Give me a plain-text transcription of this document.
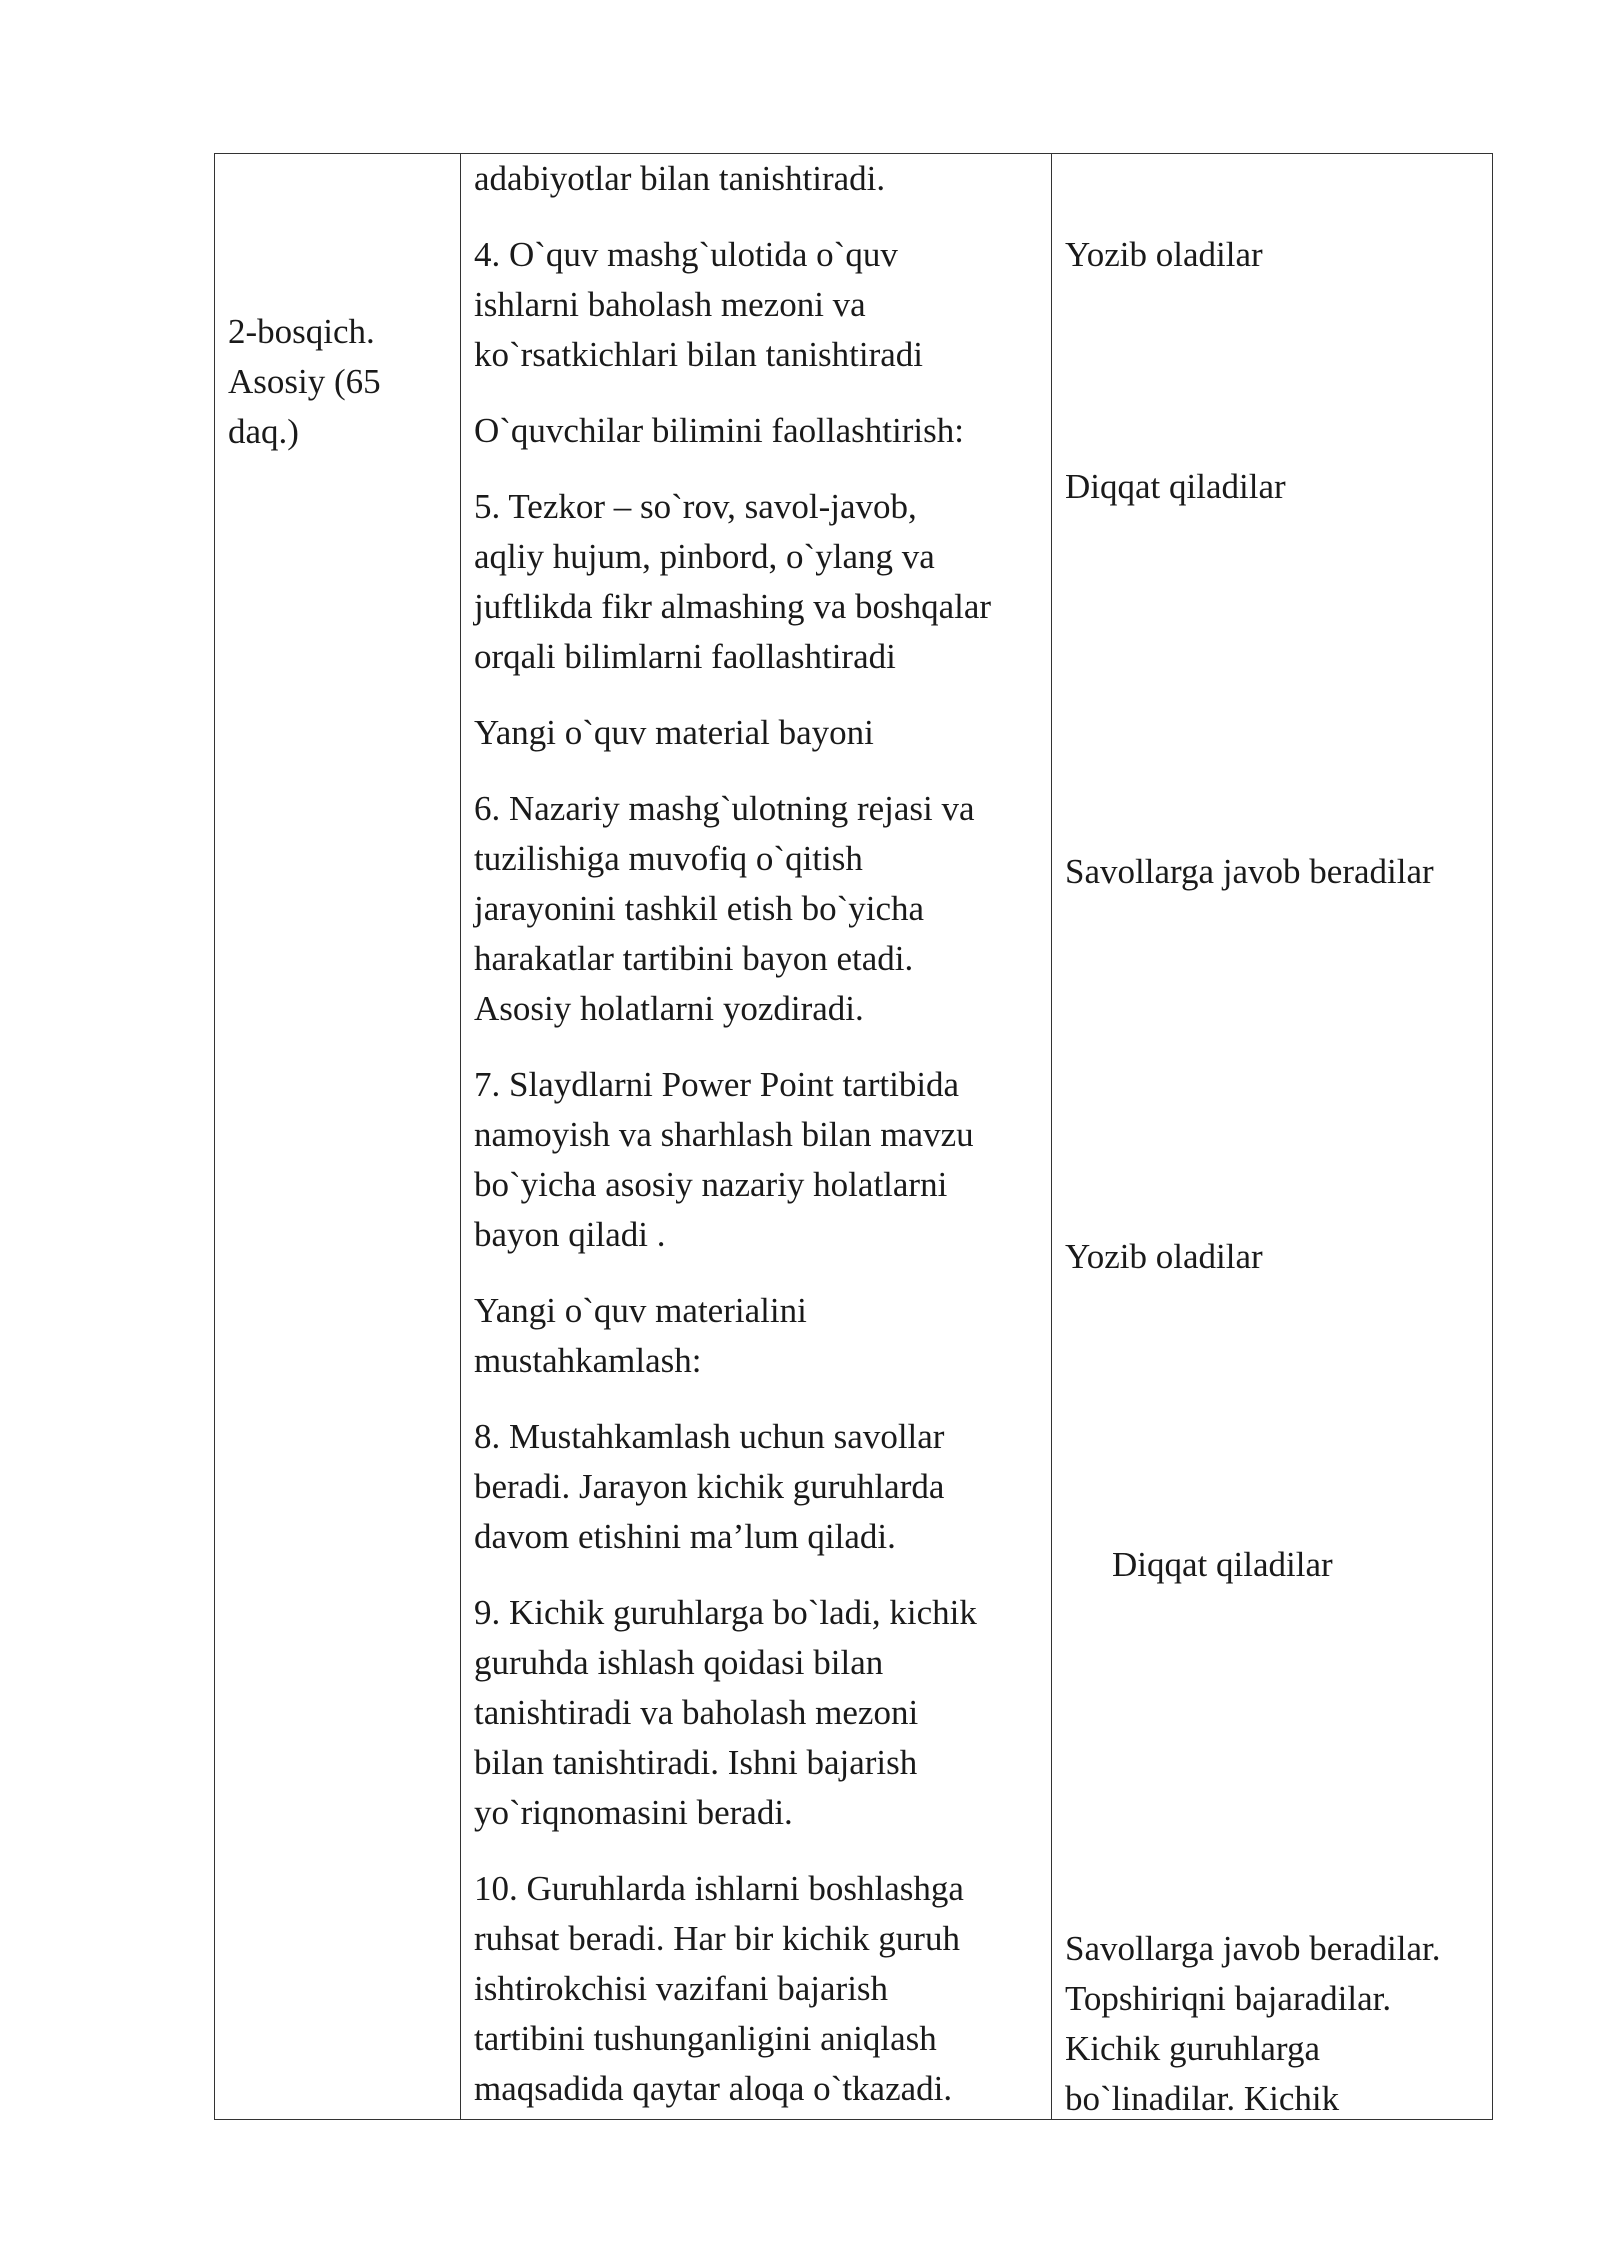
2-bosqich.
Asosiy (65
daq.)
adabiyotlar bilan tanishtiradi.
4. O`quv mashg`ulotida o`quv
ishlarni baholash mezoni va
ko`rsatkichlari bilan tanishtiradi
O`quvchilar bilimini faollashtirish:
5. Tezkor – so`rov, savol-javob,
aqliy hujum, pinbord, o`ylang va
juftlikda fikr almashing va boshqalar
orqali bilimlarni faollashtiradi
Yangi o`quv material bayoni
6. Nazariy mashg`ulotning rejasi va
tuzilishiga muvofiq o`qitish
jarayonini tashkil etish bo`yicha
harakatlar tartibini bayon etadi.
Asosiy holatlarni yozdiradi.
7. Slaydlarni Power Point tartibida
namoyish va sharhlash bilan mavzu
bo`yicha asosiy nazariy holatlarni
bayon qiladi .
Yangi o`quv materialini
mustahkamlash:
8. Mustahkamlash uchun savollar
beradi. Jarayon kichik guruhlarda
davom etishini ma’lum qiladi.
9. Kichik guruhlarga bo`ladi, kichik
guruhda ishlash qoidasi bilan
tanishtiradi va baholash mezoni
bilan tanishtiradi. Ishni bajarish
yo`riqnomasini beradi.
10. Guruhlarda ishlarni boshlashga
ruhsat beradi. Har bir kichik guruh
ishtirokchisi vazifani bajarish
tartibini tushunganligini aniqlash
maqsadida qaytar aloqa o`tkazadi.
Yozib oladilar
Diqqat qiladilar
Savollarga javob beradilar
Yozib oladilar
Diqqat qiladilar
Savollarga javob beradilar.
Topshiriqni bajaradilar.
Kichik guruhlarga
bo`linadilar. Kichik
